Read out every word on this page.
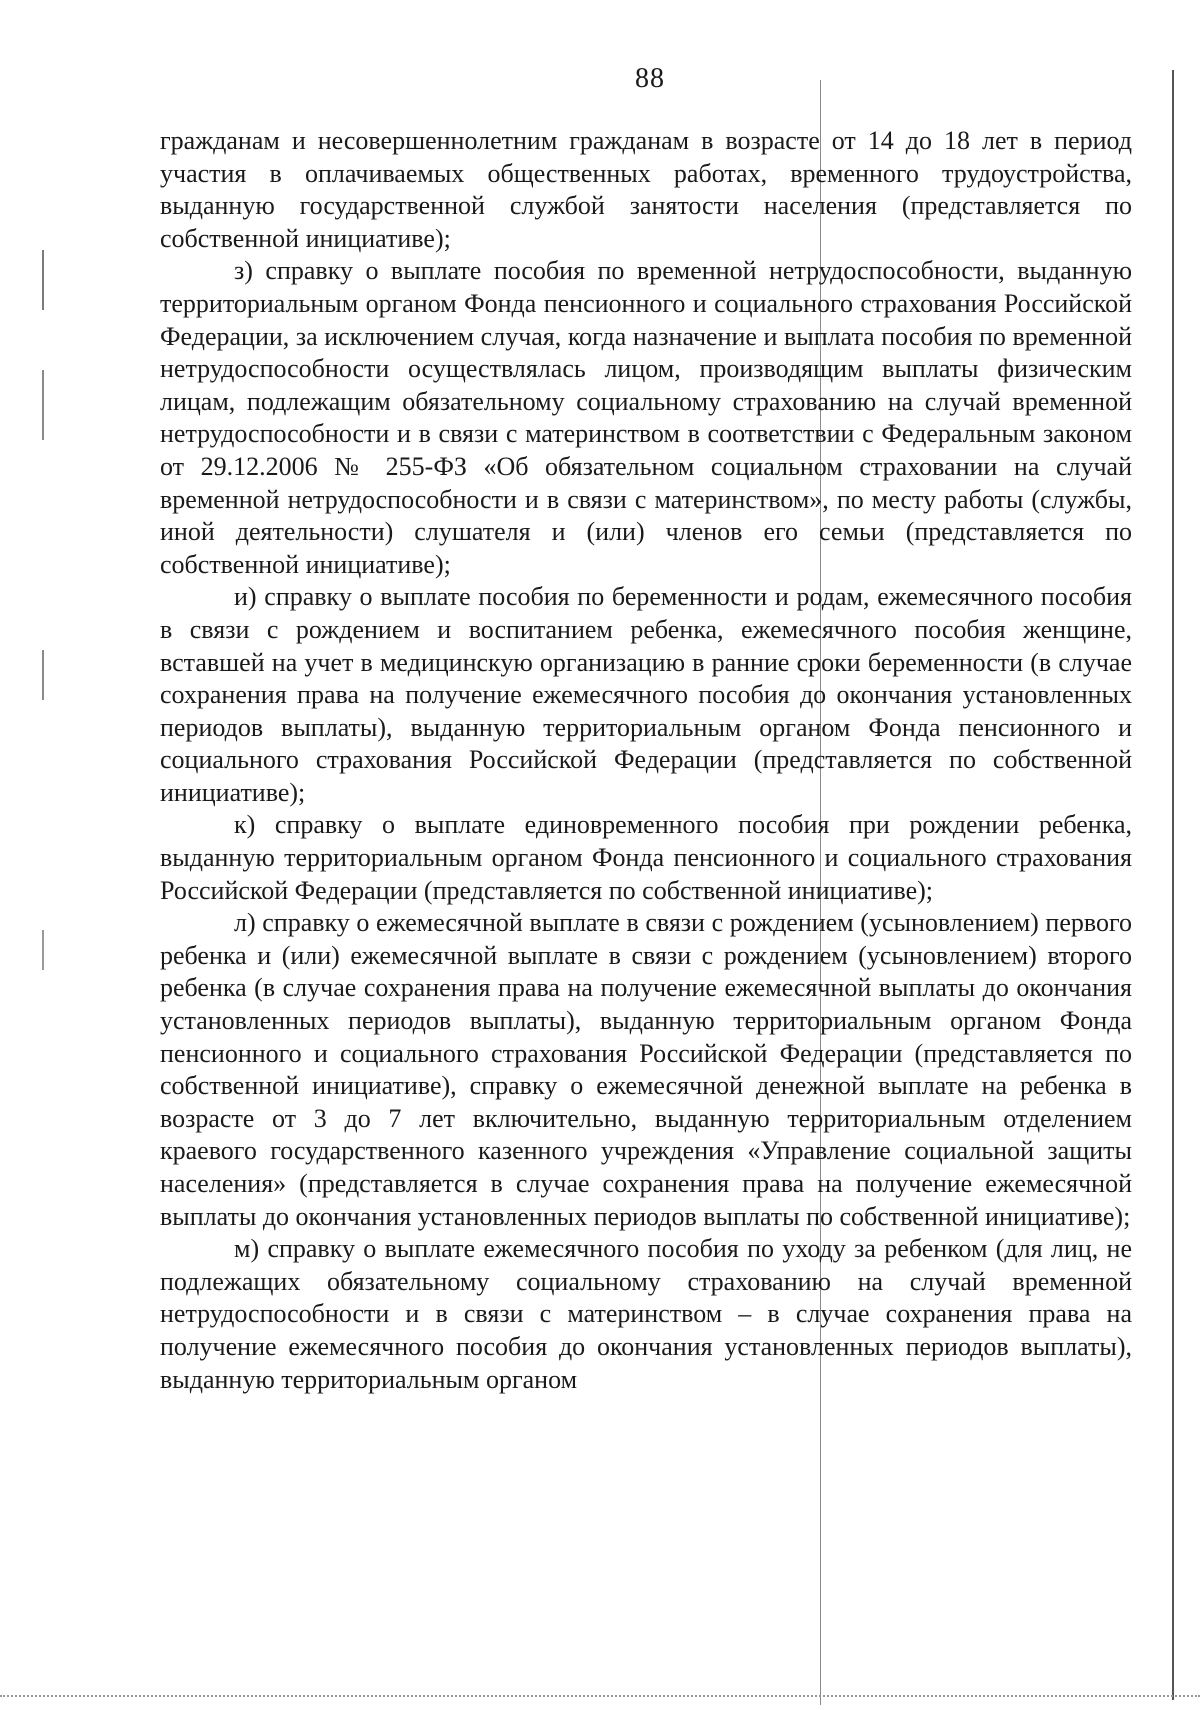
88

гражданам и несовершеннолетним гражданам в возрасте от 14 до 18 лет в период участия в оплачиваемых общественных работах, временного трудоустройства, выданную государственной службой занятости населения (представляется по собственной инициативе);

з) справку о выплате пособия по временной нетрудоспособности, выданную территориальным органом Фонда пенсионного и социального страхования Российской Федерации, за исключением случая, когда назначение и выплата пособия по временной нетрудоспособности осуществлялась лицом, производящим выплаты физическим лицам, подлежащим обязательному социальному страхованию на случай временной нетрудоспособности и в связи с материнством в соответствии с Федеральным законом от 29.12.2006 № 255-ФЗ «Об обязательном социальном страховании на случай временной нетрудоспособности и в связи с материнством», по месту работы (службы, иной деятельности) слушателя и (или) членов его семьи (представляется по собственной инициативе);

и) справку о выплате пособия по беременности и родам, ежемесячного пособия в связи с рождением и воспитанием ребенка, ежемесячного пособия женщине, вставшей на учет в медицинскую организацию в ранние сроки беременности (в случае сохранения права на получение ежемесячного пособия до окончания установленных периодов выплаты), выданную территориальным органом Фонда пенсионного и социального страхования Российской Федерации (представляется по собственной инициативе);

к) справку о выплате единовременного пособия при рождении ребенка, выданную территориальным органом Фонда пенсионного и социального страхования Российской Федерации (представляется по собственной инициативе);

л) справку о ежемесячной выплате в связи с рождением (усыновлением) первого ребенка и (или) ежемесячной выплате в связи с рождением (усыновлением) второго ребенка (в случае сохранения права на получение ежемесячной выплаты до окончания установленных периодов выплаты), выданную территориальным органом Фонда пенсионного и социального страхования Российской Федерации (представляется по собственной инициативе), справку о ежемесячной денежной выплате на ребенка в возрасте от 3 до 7 лет включительно, выданную территориальным отделением краевого государственного казенного учреждения «Управление социальной защиты населения» (представляется в случае сохранения права на получение ежемесячной выплаты до окончания установленных периодов выплаты по собственной инициативе);

м) справку о выплате ежемесячного пособия по уходу за ребенком (для лиц, не подлежащих обязательному социальному страхованию на случай временной нетрудоспособности и в связи с материнством – в случае сохранения права на получение ежемесячного пособия до окончания установленных периодов выплаты), выданную территориальным органом
